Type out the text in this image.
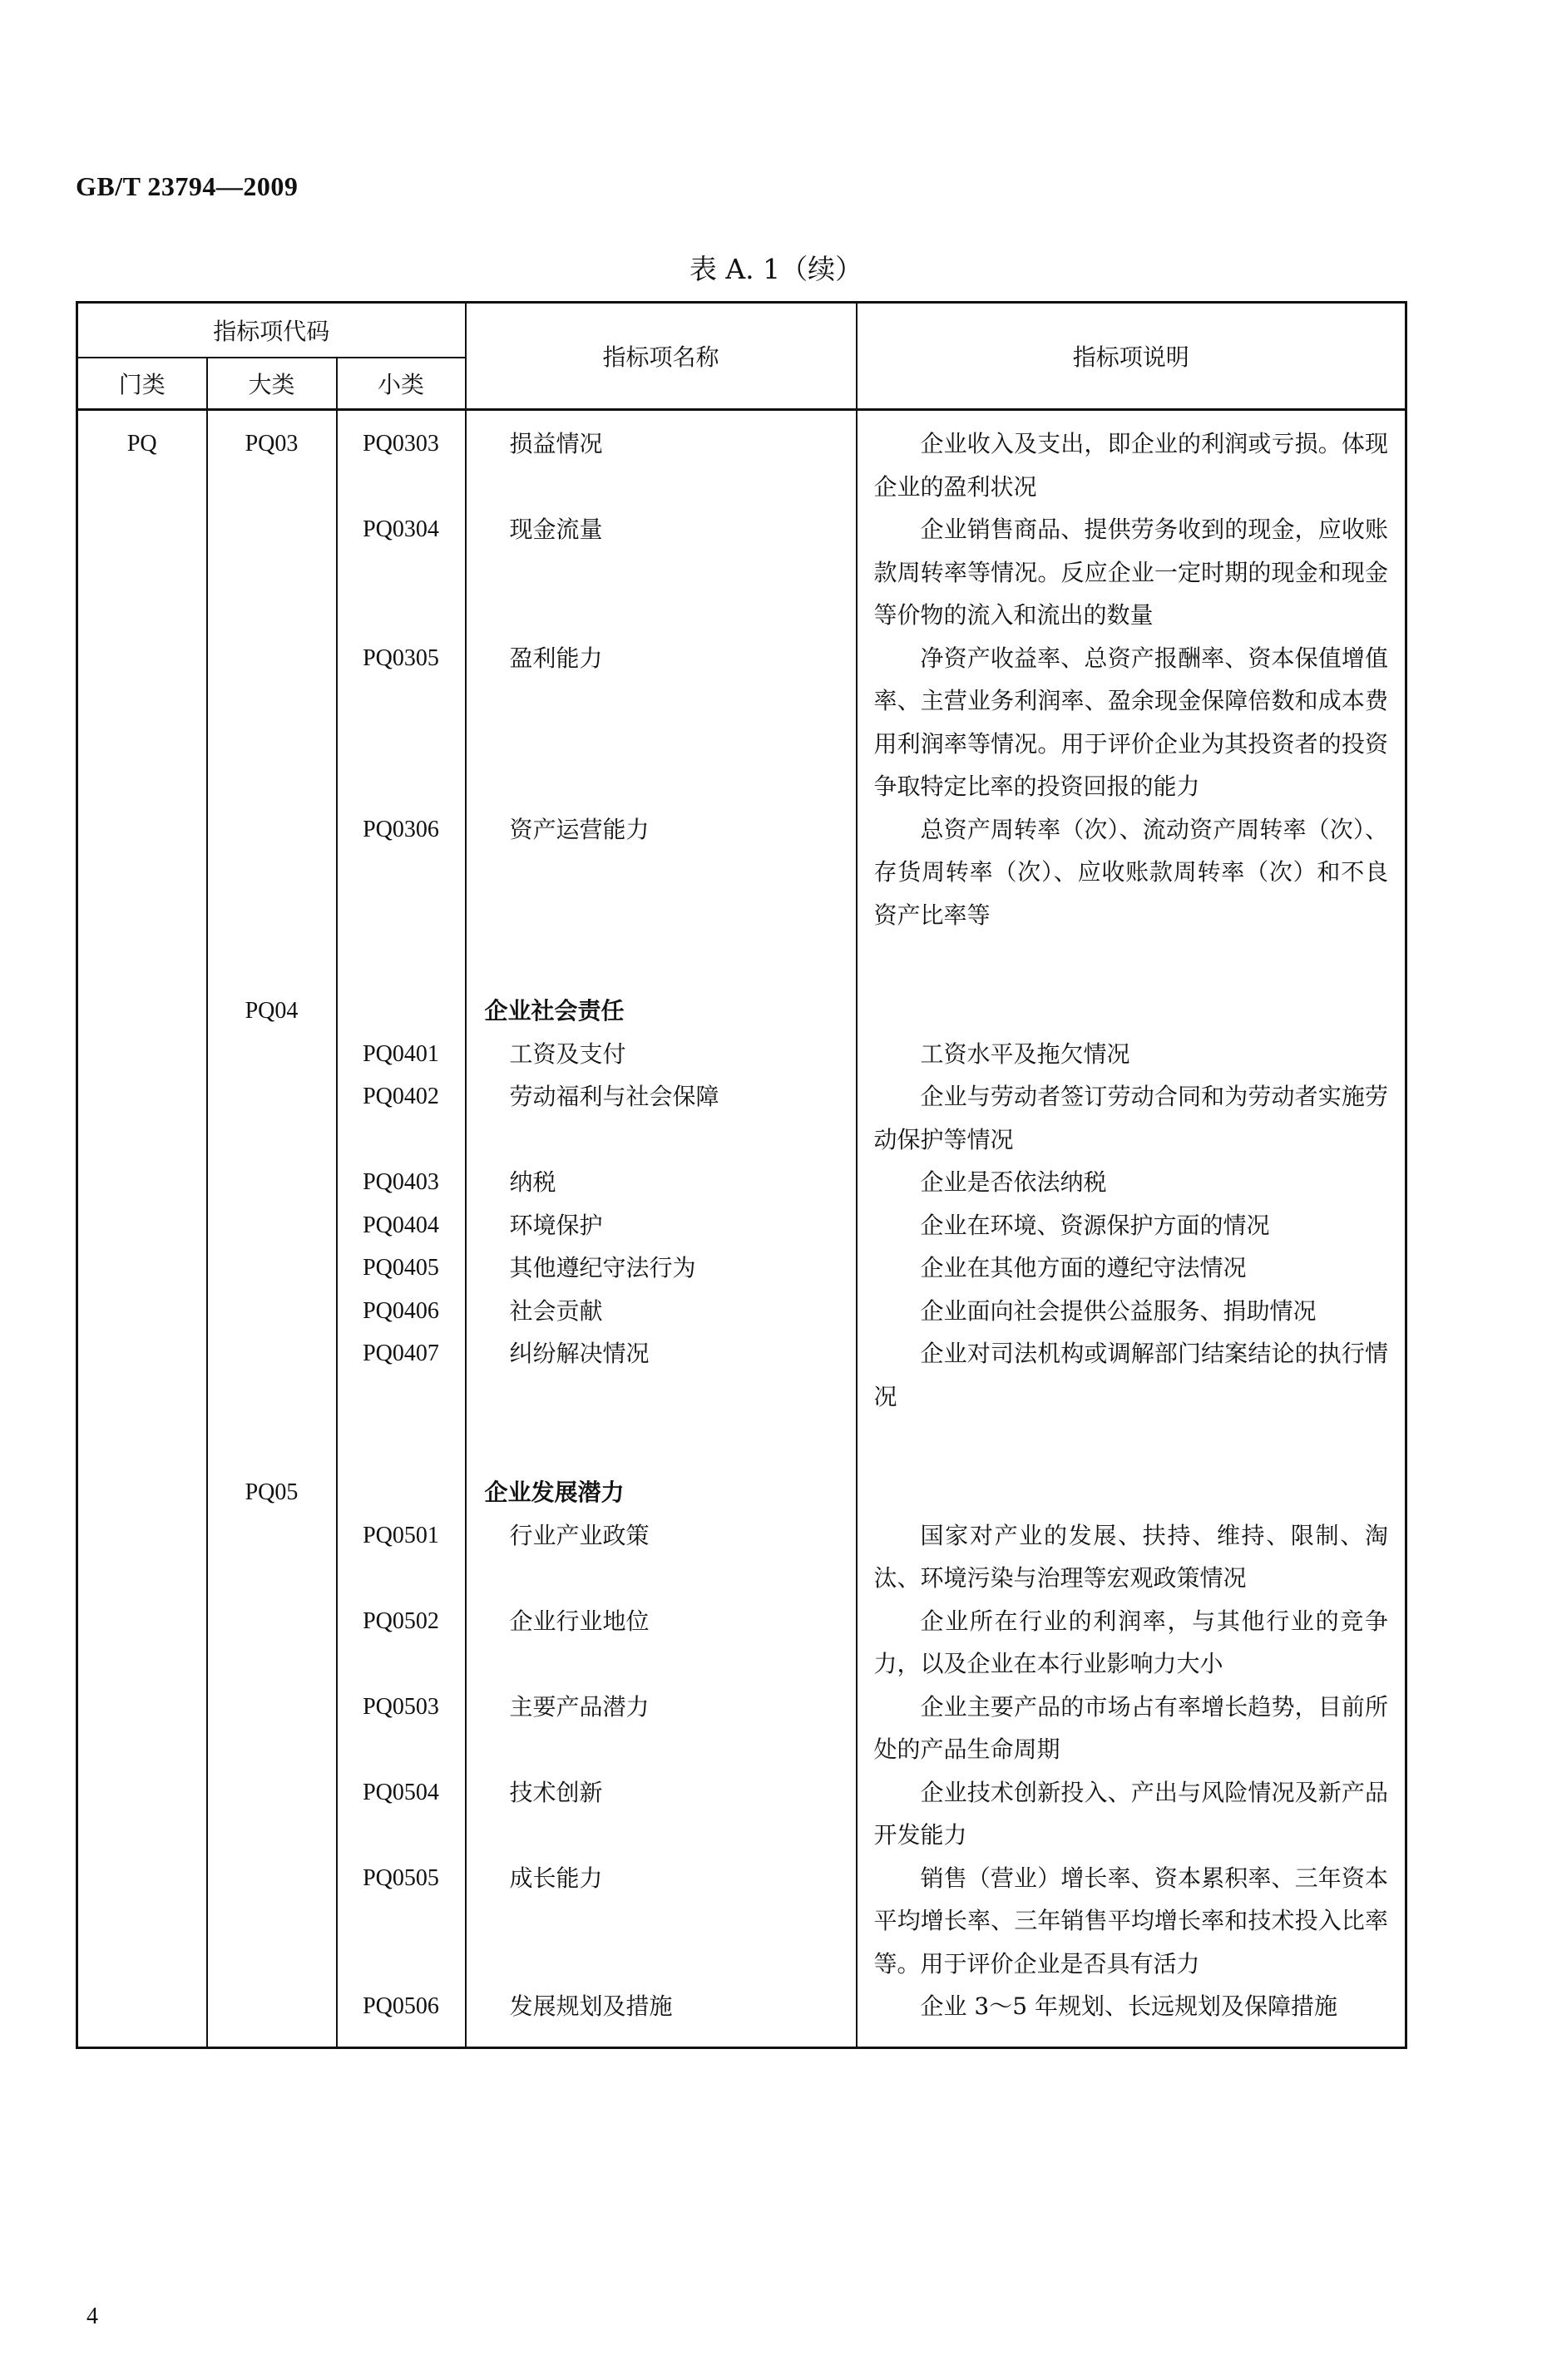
GB/T 23794—2009
表 A. 1（续）
指标项代码			指标项名称	指标项说明
门类	大类	小类		
PQ	PQ03	PQ0303	损益情况	企业收入及支出，即企业的利润或亏损。体现企业的盈利状况

		PQ0304	现金流量	企业销售商品、提供劳务收到的现金，应收账款周转率等情况。反应企业一定时期的现金和现金等价物的流入和流出的数量

		PQ0305	盈利能力	净资产收益率、总资产报酬率、资本保值增值率、主营业务利润率、盈余现金保障倍数和成本费用利润率等情况。用于评价企业为其投资者的投资争取特定比率的投资回报的能力

		PQ0306	资产运营能力	总资产周转率（次）、流动资产周转率（次）、存货周转率（次）、应收账款周转率（次）和不良资产比率等

	PQ04		企业社会责任	

		PQ0401	工资及支付	工资水平及拖欠情况

		PQ0402	劳动福利与社会保障	企业与劳动者签订劳动合同和为劳动者实施劳动保护等情况

		PQ0403	纳税	企业是否依法纳税

		PQ0404	环境保护	企业在环境、资源保护方面的情况

		PQ0405	其他遵纪守法行为	企业在其他方面的遵纪守法情况

		PQ0406	社会贡献	企业面向社会提供公益服务、捐助情况

		PQ0407	纠纷解决情况	企业对司法机构或调解部门结案结论的执行情况

	PQ05		企业发展潜力	

		PQ0501	行业产业政策	国家对产业的发展、扶持、维持、限制、淘汰、环境污染与治理等宏观政策情况

		PQ0502	企业行业地位	企业所在行业的利润率，与其他行业的竞争力，以及企业在本行业影响力大小

		PQ0503	主要产品潜力	企业主要产品的市场占有率增长趋势，目前所处的产品生命周期

		PQ0504	技术创新	企业技术创新投入、产出与风险情况及新产品开发能力

		PQ0505	成长能力	销售（营业）增长率、资本累积率、三年资本平均增长率、三年销售平均增长率和技术投入比率等。用于评价企业是否具有活力

		PQ0506	发展规划及措施	企业 3～5 年规划、长远规划及保障措施
4
